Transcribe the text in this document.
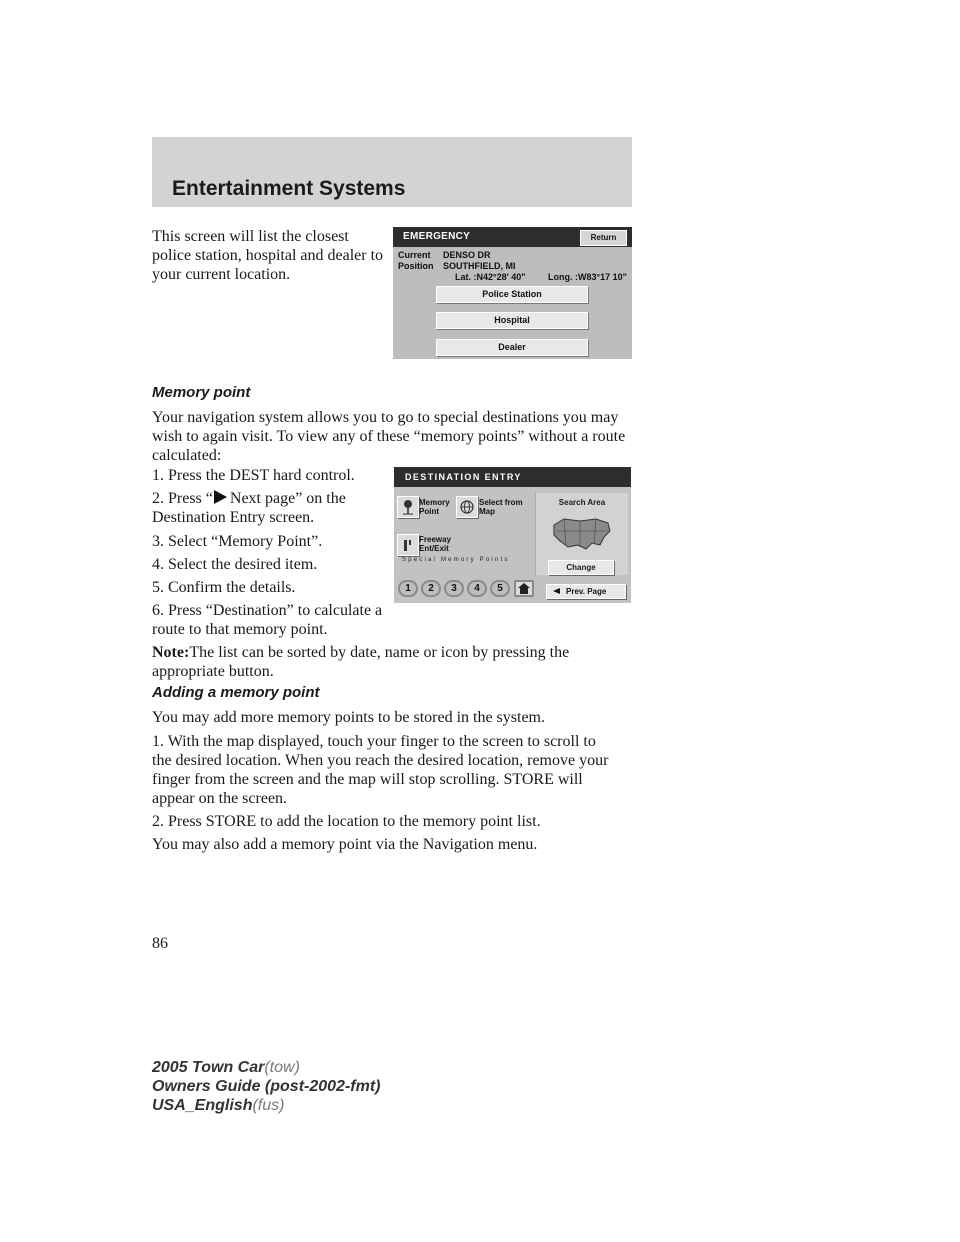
Entertainment Systems

This screen will list the closest

police station, hospital and dealer to

your current location.

EMERGENCY	Return
Current
Position
DENSO DR
SOUTHFIELD, MI
Lat. :N42°28' 40" Long. :W83°17 10"
Police Station
Hospital
Dealer

Memory point

Your navigation system allows you to go to special destinations you may

wish to again visit. To view any of these “memory points” without a route

calculated:

1. Press the DEST hard control.

2. Press “ Next page” on the

Destination Entry screen.

3. Select “Memory Point”.

4. Select the desired item.

5. Confirm the details.

6. Press “Destination” to calculate a

route to that memory point.

Note:The list can be sorted by date, name or icon by pressing the

appropriate button.

DESTINATION ENTRY
Memory
Point
Select from
Map
Freeway
Ent/Exit
Search Area
Change
Special Memory Points
1	2	3	4	5	Prev. Page

Adding a memory point

You may add more memory points to be stored in the system.

1. With the map displayed, touch your finger to the screen to scroll to

the desired location. When you reach the desired location, remove your

finger from the screen and the map will stop scrolling. STORE will

appear on the screen.

2. Press STORE to add the location to the memory point list.

You may also add a memory point via the Navigation menu.

86
2005 Town Car(tow)
Owners Guide (post-2002-fmt)
USA_English(fus)
